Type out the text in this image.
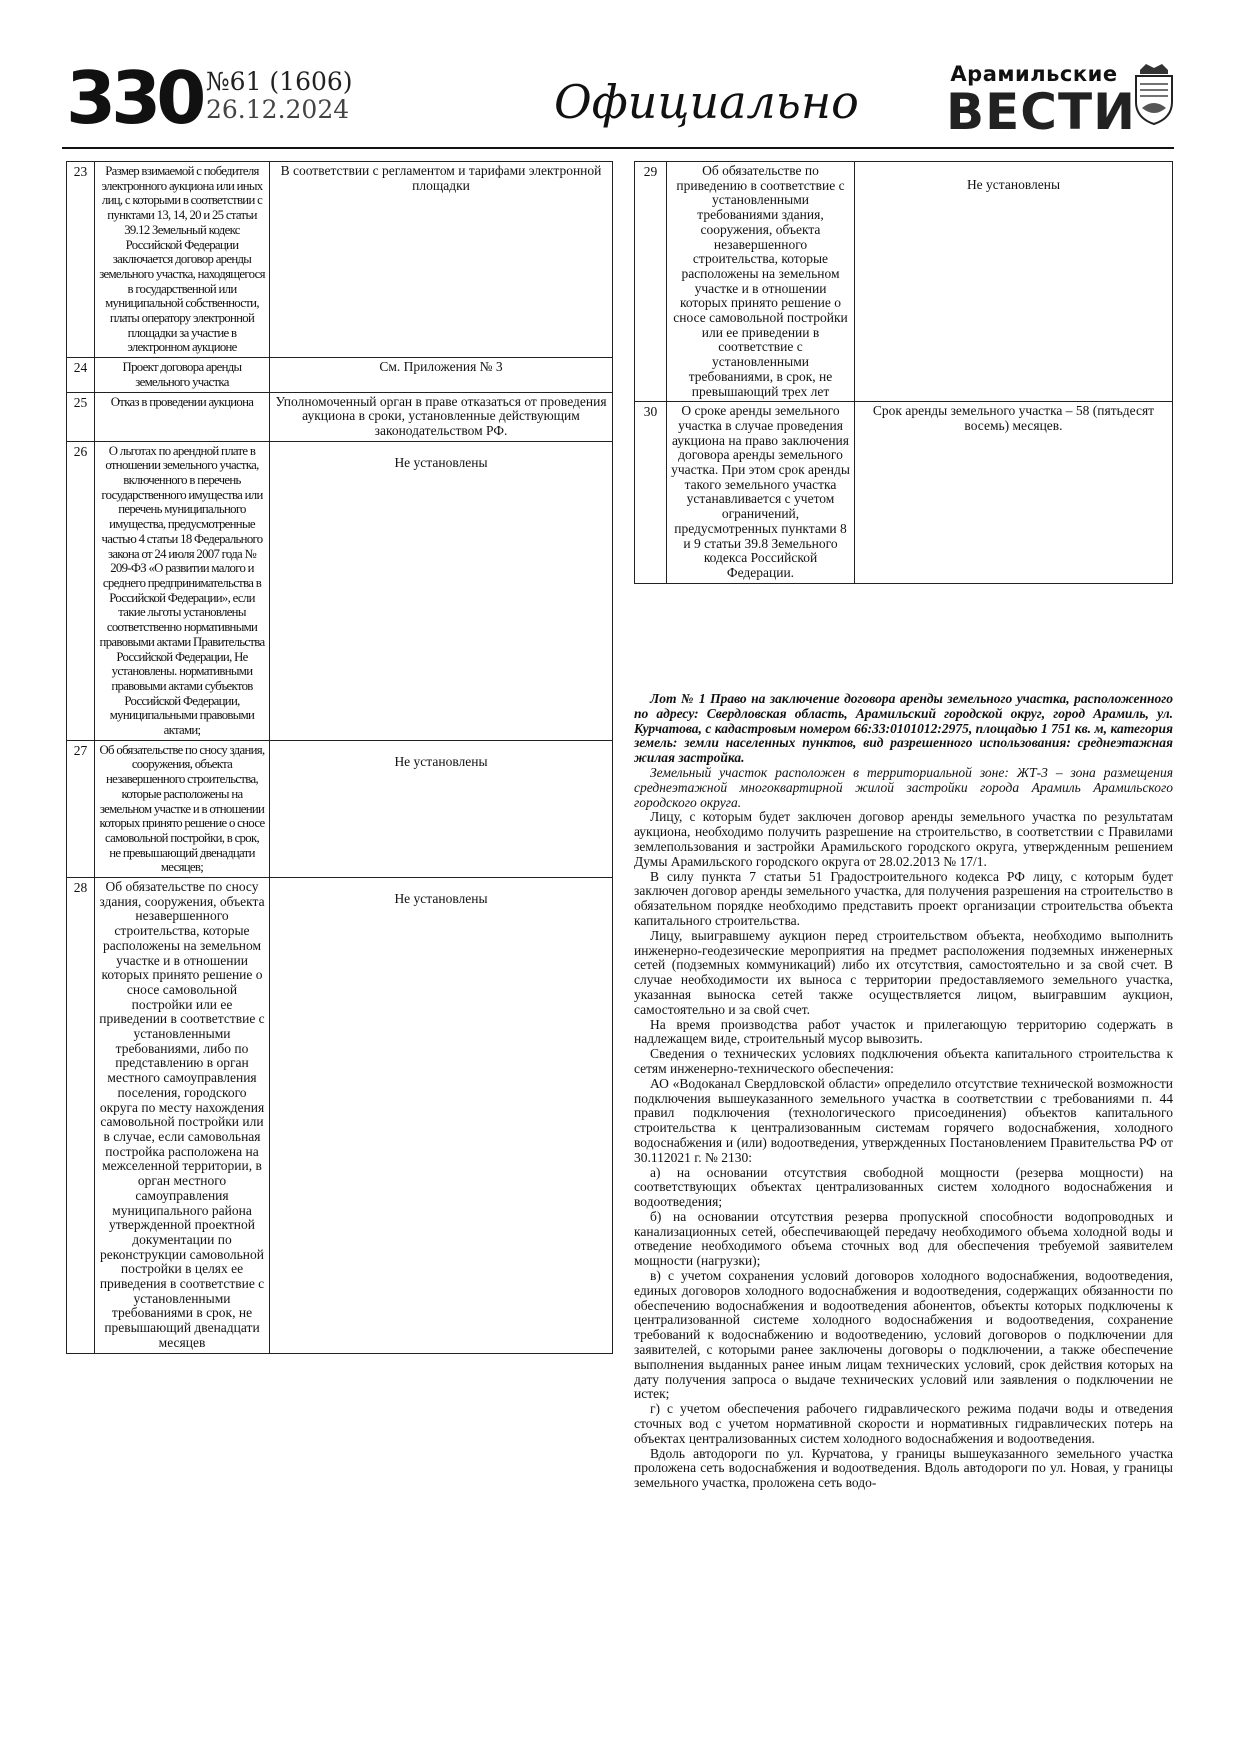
330 №61 (1606)
26.12.2024	Официально
Арамильские
ВЕСТИ
23	Размер взимаемой с победителя электронного аукциона или иных лиц, с которыми в соответствии с пунктами 13, 14, 20 и 25 статьи 39.12 Земельный кодекс Российской Федерации заключается договор аренды земельного участка, находящегося в государственной или муниципальной собственности, платы оператору электронной площадки за участие в электронном аукционе	В соответствии с регламентом и тарифами электронной площадки
24	Проект договора аренды земельного участка	См. Приложения № 3
25	Отказ в проведении аукциона	Уполномоченный орган в праве отказаться от проведения аукциона в сроки, установленные действующим законодательством РФ.
26	О льготах по арендной плате в отношении земельного участка, включенного в перечень государственного имущества или перечень муниципального имущества, предусмотренные частью 4 статьи 18 Федерального закона от 24 июля 2007 года № 209-ФЗ «О развитии малого и среднего предпринимательства в Российской Федерации», если такие льготы установлены соответственно нормативными правовыми актами Правительства Российской Федерации, Не установлены. нормативными правовыми актами субъектов Российской Федерации, муниципальными правовыми актами;	Не установлены
27	Об обязательстве по сносу здания, сооружения, объекта незавершенного строительства, которые расположены на земельном участке и в отношении которых принято решение о сносе самовольной постройки, в срок, не превышающий двенадцати месяцев;	Не установлены
28	Об обязательстве по сносу здания, сооружения, объекта незавершенного строительства, которые расположены на земельном участке и в отношении которых принято решение о сносе самовольной постройки или ее приведении в соответствие с установленными требованиями, либо по представлению в орган местного самоуправления поселения, городского округа по месту нахождения самовольной постройки или в случае, если самовольная постройка расположена на межселенной территории, в орган местного самоуправления муниципального района утвержденной проектной документации по реконструкции самовольной постройки в целях ее приведения в соответствие с установленными требованиями в срок, не превышающий двенадцати месяцев	Не установлены
29	Об обязательстве по приведению в соответствие с установленными требованиями здания, сооружения, объекта незавершенного строительства, которые расположены на земельном участке и в отношении которых принято решение о сносе самовольной постройки или ее приведении в соответствие с установленными требованиями, в срок, не превышающий трех лет	Не установлены
30	О сроке аренды земельного участка в случае проведения аукциона на право заключения договора аренды земельного участка. При этом срок аренды такого земельного участка устанавливается с учетом ограничений, предусмотренных пунктами 8 и 9 статьи 39.8 Земельного кодекса Российской Федерации.	Срок аренды земельного участка – 58 (пятьдесят восемь) месяцев.

Лот № 1 Право на заключение договора аренды земельного участка, расположенного по адресу: Свердловская область, Арамильский городской округ, город Арамиль, ул. Курчатова, с кадастровым номером 66:33:0101012:2975, площадью 1 751 кв. м, категория земель: земли населенных пунктов, вид разрешенного использования: среднеэтажная жилая застройка.

Земельный участок расположен в территориальной зоне: ЖТ-3 – зона размещения среднеэтажной многоквартирной жилой застройки города Арамиль Арамильского городского округа.

Лицу, с которым будет заключен договор аренды земельного участка по результатам аукциона, необходимо получить разрешение на строительство, в соответствии с Правилами землепользования и застройки Арамильского городского округа, утвержденным решением Думы Арамильского городского округа от 28.02.2013 № 17/1.

В силу пункта 7 статьи 51 Градостроительного кодекса РФ лицу, с которым будет заключен договор аренды земельного участка, для получения разрешения на строительство в обязательном порядке необходимо представить проект организации строительства объекта капитального строительства.

Лицу, выигравшему аукцион перед строительством объекта, необходимо выполнить инженерно-геодезические мероприятия на предмет расположения подземных инженерных сетей (подземных коммуникаций) либо их отсутствия, самостоятельно и за свой счет. В случае необходимости их выноса с территории предоставляемого земельного участка, указанная выноска сетей также осуществляется лицом, выигравшим аукцион, самостоятельно и за свой счет.

На время производства работ участок и прилегающую территорию содержать в надлежащем виде, строительный мусор вывозить.

Сведения о технических условиях подключения объекта капитального строительства к сетям инженерно-технического обеспечения:

АО «Водоканал Свердловской области» определило отсутствие технической возможности подключения вышеуказанного земельного участка в соответствии с требованиями п. 44 правил подключения (технологического присоединения) объектов капитального строительства к централизованным системам горячего водоснабжения, холодного водоснабжения и (или) водоотведения, утвержденных Постановлением Правительства РФ от 30.112021 г. № 2130:

а) на основании отсутствия свободной мощности (резерва мощности) на соответствующих объектах централизованных систем холодного водоснабжения и водоотведения;

б) на основании отсутствия резерва пропускной способности водопроводных и канализационных сетей, обеспечивающей передачу необходимого объема холодной воды и отведение необходимого объема сточных вод для обеспечения требуемой заявителем мощности (нагрузки);

в) с учетом сохранения условий договоров холодного водоснабжения, водоотведения, единых договоров холодного водоснабжения и водоотведения, содержащих обязанности по обеспечению водоснабжения и водоотведения абонентов, объекты которых подключены к централизованной системе холодного водоснабжения и водоотведения, сохранение требований к водоснабжению и водоотведению, условий договоров о подключении для заявителей, с которыми ранее заключены договоры о подключении, а также обеспечение выполнения выданных ранее иным лицам технических условий, срок действия которых на дату получения запроса о выдаче технических условий или заявления о подключении не истек;

г) с учетом обеспечения рабочего гидравлического режима подачи воды и отведения сточных вод с учетом нормативной скорости и нормативных гидравлических потерь на объектах централизованных систем холодного водоснабжения и водоотведения.

Вдоль автодороги по ул. Курчатова, у границы вышеуказанного земельного участка проложена сеть водоснабжения и водоотведения. Вдоль автодороги по ул. Новая, у границы земельного участка, проложена сеть водо-
